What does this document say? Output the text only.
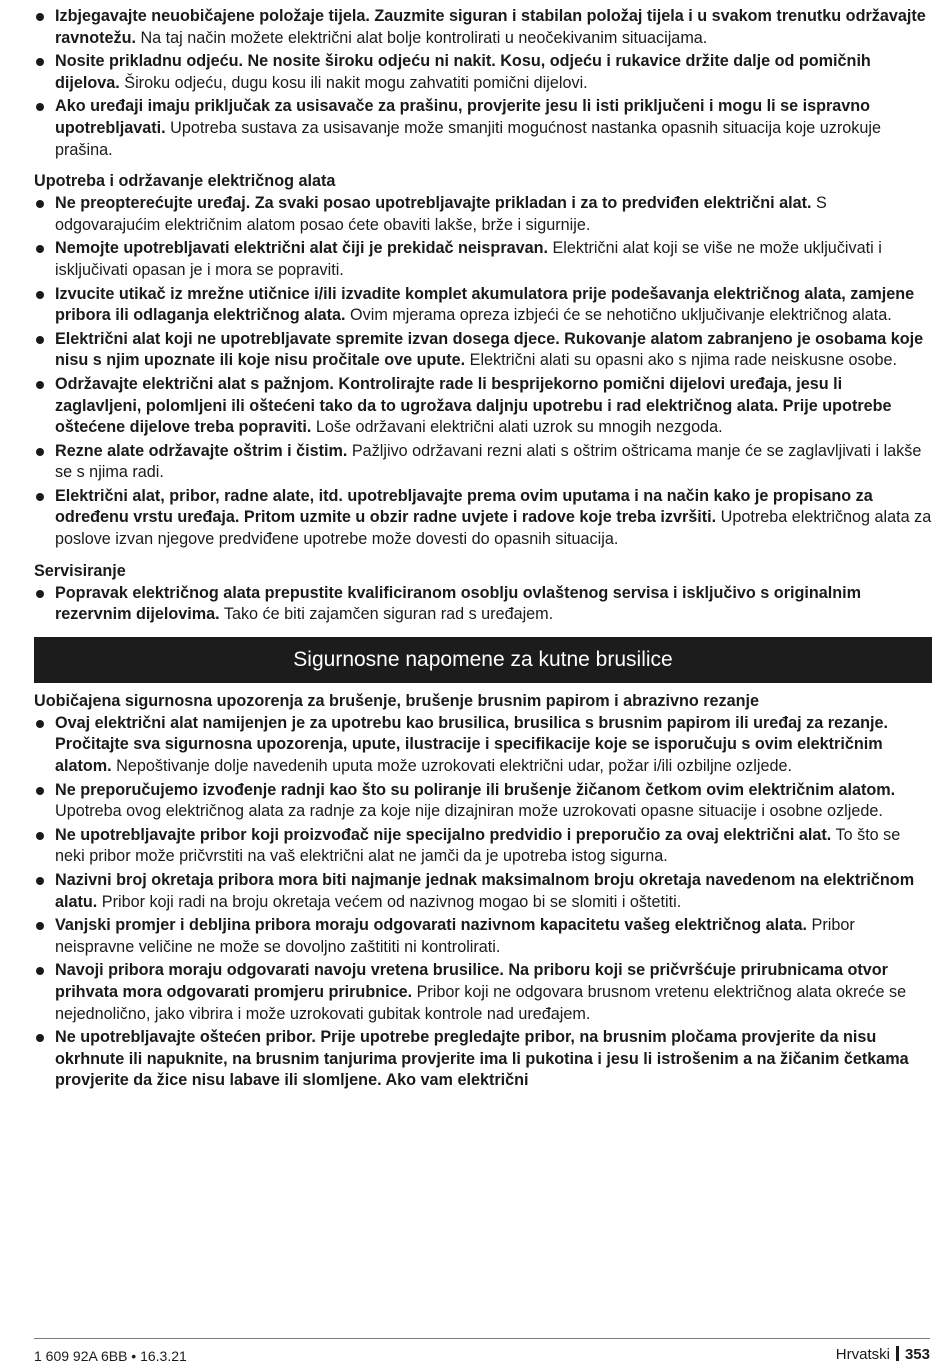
Izbjegavajte neuobičajene položaje tijela. Zauzmite siguran i stabilan položaj tijela i u svakom trenutku održavajte ravnotežu. Na taj način možete električni alat bolje kontrolirati u neočekivanim situacijama.
Nosite prikladnu odjeću. Ne nosite široku odjeću ni nakit. Kosu, odjeću i rukavice držite dalje od pomičnih dijelova. Široku odjeću, dugu kosu ili nakit mogu zahvatiti pomični dijelovi.
Ako uređaji imaju priključak za usisavače za prašinu, provjerite jesu li isti priključeni i mogu li se ispravno upotrebljavati. Upotreba sustava za usisavanje može smanjiti mogućnost nastanka opasnih situacija koje uzrokuje prašina.
Upotreba i održavanje električnog alata
Ne preopterećujte uređaj. Za svaki posao upotrebljavajte prikladan i za to predviđen električni alat. S odgovarajućim električnim alatom posao ćete obaviti lakše, brže i sigurnije.
Nemojte upotrebljavati električni alat čiji je prekidač neispravan. Električni alat koji se više ne može uključivati i isključivati opasan je i mora se popraviti.
Izvucite utikač iz mrežne utičnice i/ili izvadite komplet akumulatora prije podešavanja električnog alata, zamjene pribora ili odlaganja električnog alata. Ovim mjerama opreza izbjeći će se nehotično uključivanje električnog alata.
Električni alat koji ne upotrebljavate spremite izvan dosega djece. Rukovanje alatom zabranjeno je osobama koje nisu s njim upoznate ili koje nisu pročitale ove upute. Električni alati su opasni ako s njima rade neiskusne osobe.
Održavajte električni alat s pažnjom. Kontrolirajte rade li besprijekorno pomični dijelovi uređaja, jesu li zaglavljeni, polomljeni ili oštećeni tako da to ugrožava daljnju upotrebu i rad električnog alata. Prije upotrebe oštećene dijelove treba popraviti. Loše održavani električni alati uzrok su mnogih nezgoda.
Rezne alate održavajte oštrim i čistim. Pažljivo održavani rezni alati s oštrim oštricama manje će se zaglavljivati i lakše se s njima radi.
Električni alat, pribor, radne alate, itd. upotrebljavajte prema ovim uputama i na način kako je propisano za određenu vrstu uređaja. Pritom uzmite u obzir radne uvjete i radove koje treba izvršiti. Upotreba električnog alata za poslove izvan njegove predviđene upotrebe može dovesti do opasnih situacija.
Servisiranje
Popravak električnog alata prepustite kvalificiranom osoblju ovlaštenog servisa i isključivo s originalnim rezervnim dijelovima. Tako će biti zajamčen siguran rad s uređajem.
Sigurnosne napomene za kutne brusilice
Uobičajena sigurnosna upozorenja za brušenje, brušenje brusnim papirom i abrazivno rezanje
Ovaj električni alat namijenjen je za upotrebu kao brusilica, brusilica s brusnim papirom ili uređaj za rezanje. Pročitajte sva sigurnosna upozorenja, upute, ilustracije i specifikacije koje se isporučuju s ovim električnim alatom. Nepoštivanje dolje navedenih uputa može uzrokovati električni udar, požar i/ili ozbiljne ozljede.
Ne preporučujemo izvođenje radnji kao što su poliranje ili brušenje žičanom četkom ovim električnim alatom. Upotreba ovog električnog alata za radnje za koje nije dizajniran može uzrokovati opasne situacije i osobne ozljede.
Ne upotrebljavajte pribor koji proizvođač nije specijalno predvidio i preporučio za ovaj električni alat. To što se neki pribor može pričvrstiti na vaš električni alat ne jamči da je upotreba istog sigurna.
Nazivni broj okretaja pribora mora biti najmanje jednak maksimalnom broju okretaja navedenom na električnom alatu. Pribor koji radi na broju okretaja većem od nazivnog mogao bi se slomiti i oštetiti.
Vanjski promjer i debljina pribora moraju odgovarati nazivnom kapacitetu vašeg električnog alata. Pribor neispravne veličine ne može se dovoljno zaštititi ni kontrolirati.
Navoji pribora moraju odgovarati navoju vretena brusilice. Na priboru koji se pričvršćuje prirubnicama otvor prihvata mora odgovarati promjeru prirubnice. Pribor koji ne odgovara brusnom vretenu električnog alata okreće se nejednolično, jako vibrira i može uzrokovati gubitak kontrole nad uređajem.
Ne upotrebljavajte oštećen pribor. Prije upotrebe pregledajte pribor, na brusnim pločama provjerite da nisu okrhnute ili napuknite, na brusnim tanjurima provjerite ima li pukotina i jesu li istrošenim a na žičanim četkama provjerite da žice nisu labave ili slomljene. Ako vam električni
1 609 92A 6BB • 16.3.21	Hrvatski 353
